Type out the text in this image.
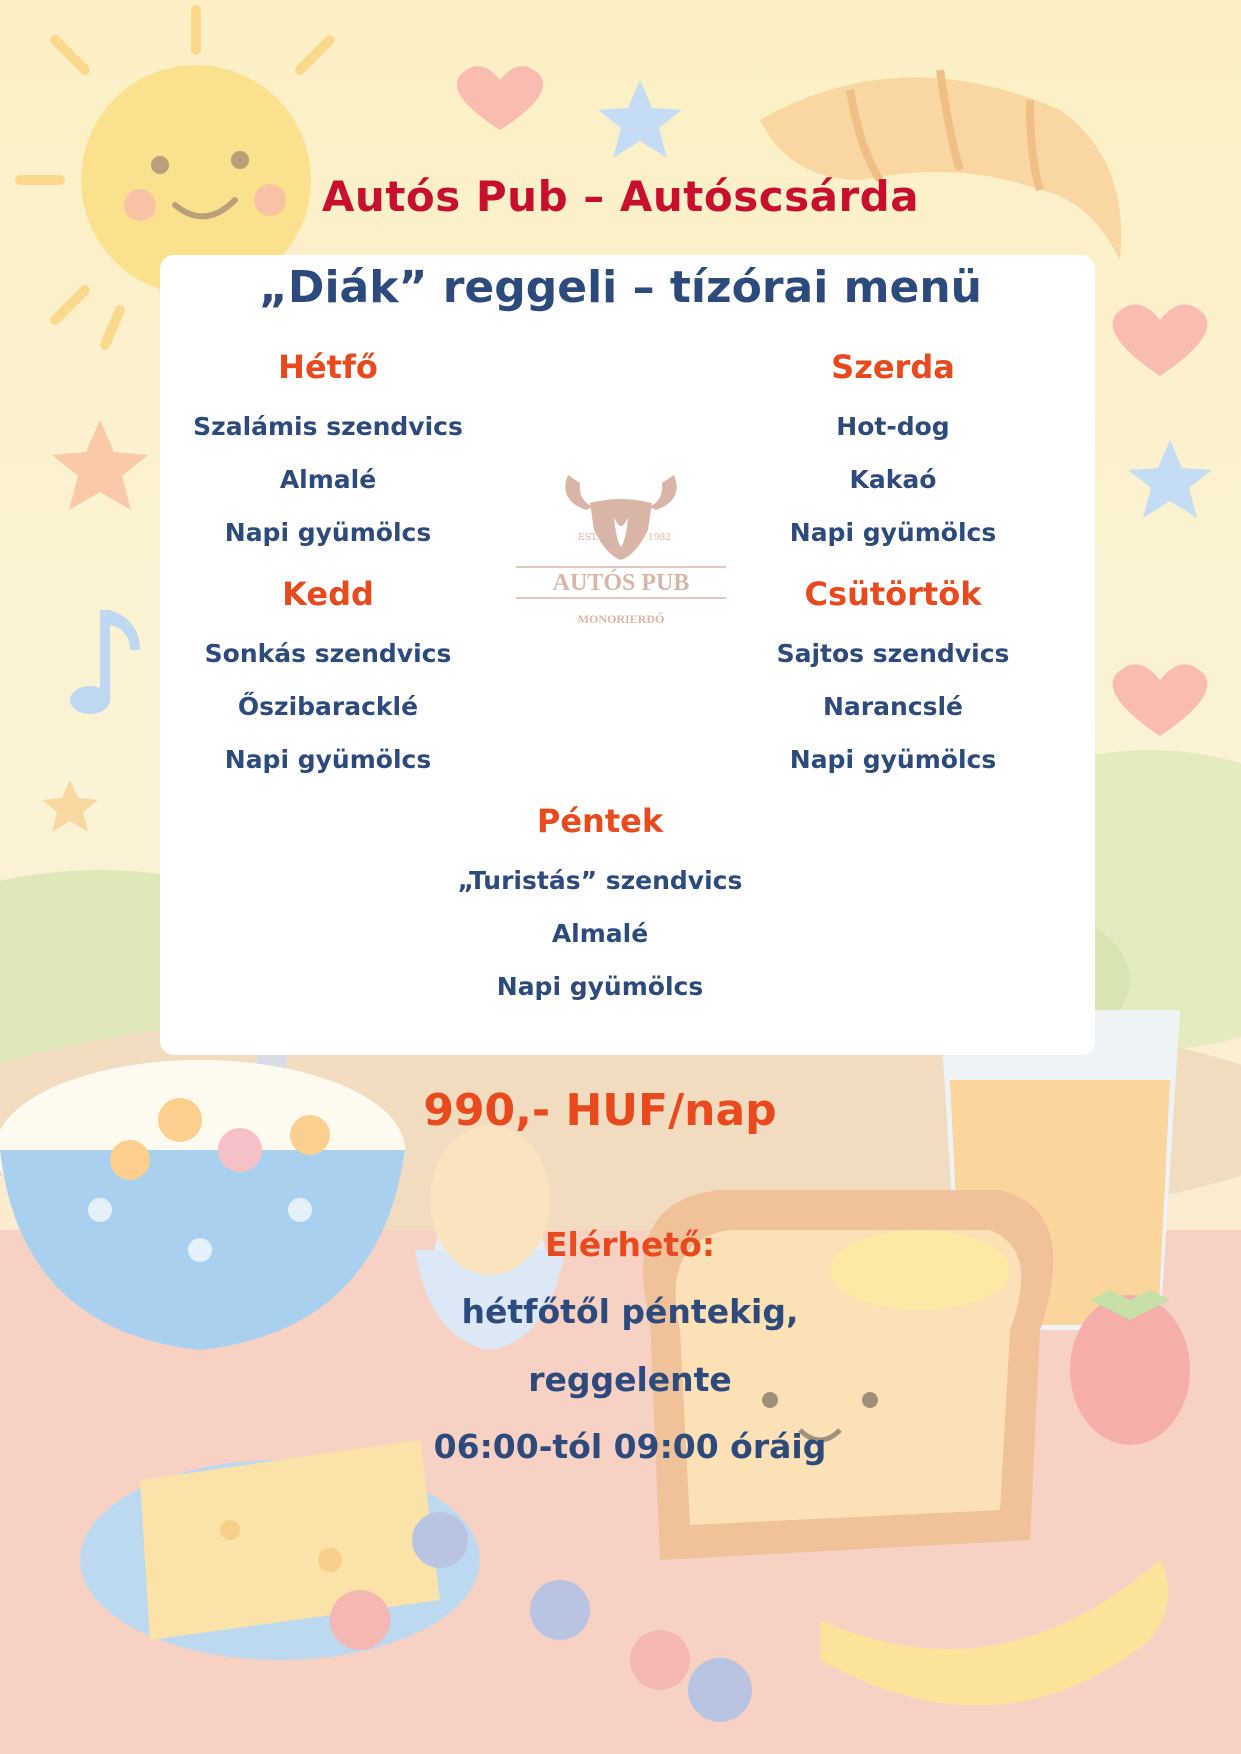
Autós Pub – Autóscsárda
„Diák” reggeli – tízórai menü
EST.	1982
AUTÓS PUB
MONORIERDŐ
Hétfő
Szalámis szendvics
Almalé
Napi gyümölcs
Szerda
Hot-dog
Kakaó
Napi gyümölcs
Kedd
Sonkás szendvics
Őszibaracklé
Napi gyümölcs
Csütörtök
Sajtos szendvics
Narancslé
Napi gyümölcs
Péntek
„Turistás” szendvics
Almalé
Napi gyümölcs
990,- HUF/nap
Elérhető:
hétfőtől péntekig,
reggelente
06:00-tól 09:00 óráig
